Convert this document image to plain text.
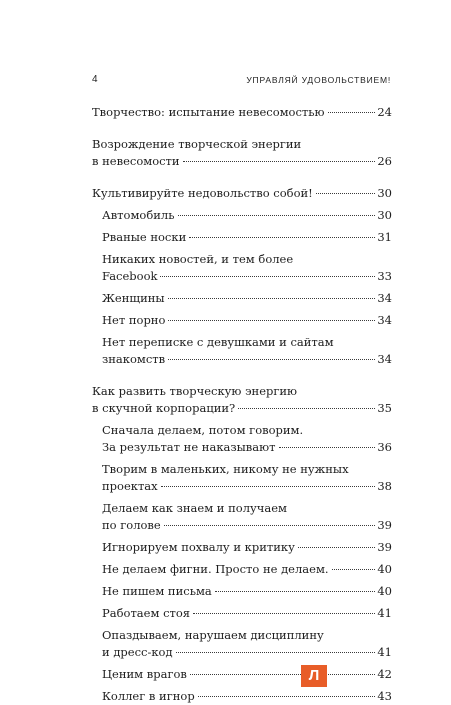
4	УПРАВЛЯЙ УДОВОЛЬСТВИЕМ!
Творчество: испытание невесомостью	24
Возрождение творческой энергии
в невесомости	26
Культивируйте недовольство собой!	30
Автомобиль	30
Рваные носки	31
Никаких новостей, и тем более
Facebook	33
Женщины	34
Нет порно	34
Нет переписке с девушками и сайтам
знакомств	34
Как развить творческую энергию
в скучной корпорации?	35
Сначала делаем, потом говорим.
За результат не наказывают	36
Творим в маленьких, никому не нужных
проектах	38
Делаем как знаем и получаем
по голове	39
Игнорируем похвалу и критику	39
Не делаем фигни. Просто не делаем.	40
Не пишем письма	40
Работаем стоя	41
Опаздываем, нарушаем дисциплину
и дресс-код	41
Ценим врагов	42
Коллег в игнор	43
Л
